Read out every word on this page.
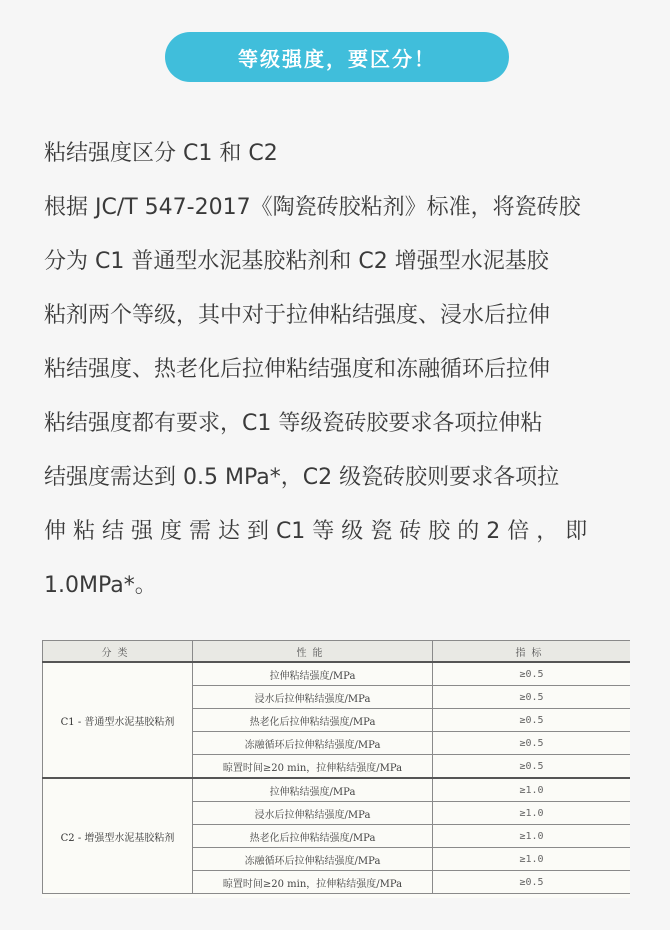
等级强度，要区分！
粘结强度区分 C1 和 C2
根据 JC/T 547-2017《陶瓷砖胶粘剂》标准，将瓷砖胶
分为 C1 普通型水泥基胶粘剂和 C2 增强型水泥基胶
粘剂两个等级，其中对于拉伸粘结强度、浸水后拉伸
粘结强度、热老化后拉伸粘结强度和冻融循环后拉伸
粘结强度都有要求，C1 等级瓷砖胶要求各项拉伸粘
结强度需达到 0.5 MPa*，C2 级瓷砖胶则要求各项拉
伸 粘 结 强 度 需 达 到 C1 等 级 瓷 砖 胶 的 2 倍 ， 即
1.0MPa*。
分类	性能	指标
C1 - 普通型水泥基胶粘剂	拉伸粘结强度/MPa	≥0.5
	浸水后拉伸粘结强度/MPa	≥0.5
	热老化后拉伸粘结强度/MPa	≥0.5
	冻融循环后拉伸粘结强度/MPa	≥0.5
	晾置时间≥20 min，拉伸粘结强度/MPa	≥0.5
C2 - 增强型水泥基胶粘剂	拉伸粘结强度/MPa	≥1.0
	浸水后拉伸粘结强度/MPa	≥1.0
	热老化后拉伸粘结强度/MPa	≥1.0
	冻融循环后拉伸粘结强度/MPa	≥1.0
	晾置时间≥20 min，拉伸粘结强度/MPa	≥0.5
